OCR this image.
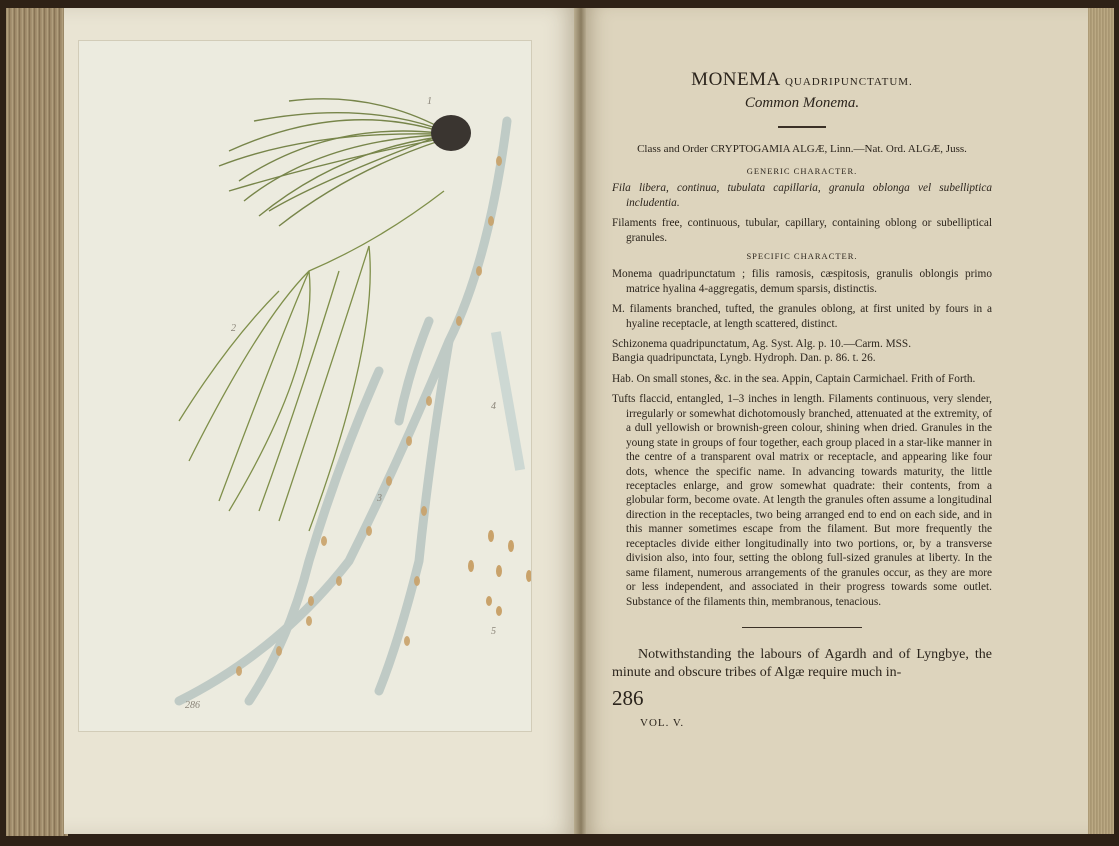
1
2
3
4
5
286
MONEMA QUADRIPUNCTATUM.
Common Monema.
Class and Order CRYPTOGAMIA ALGÆ, Linn.—Nat. Ord. ALGÆ, Juss.
GENERIC CHARACTER.

Fila libera, continua, tubulata capillaria, granula oblonga vel subelliptica includentia.

Filaments free, continuous, tubular, capillary, containing oblong or subelliptical granules.

SPECIFIC CHARACTER.

Monema quadripunctatum ; filis ramosis, cæspitosis, granulis oblongis primo matrice hyalina 4-aggregatis, demum sparsis, distinctis.

M. filaments branched, tufted, the granules oblong, at first united by fours in a hyaline receptacle, at length scattered, distinct.

Schizonema quadripunctatum, Ag. Syst. Alg. p. 10.—Carm. MSS.

Bangia quadripunctata, Lyngb. Hydroph. Dan. p. 86. t. 26.

Hab. On small stones, &c. in the sea. Appin, Captain Carmichael. Frith of Forth.

Tufts flaccid, entangled, 1–3 inches in length. Filaments continuous, very slender, irregularly or somewhat dichotomously branched, attenuated at the extremity, of a dull yellowish or brownish-green colour, shining when dried. Granules in the young state in groups of four together, each group placed in a star-like manner in the centre of a transparent oval matrix or receptacle, and appearing like four dots, whence the specific name. In advancing towards maturity, the little receptacles enlarge, and grow somewhat quadrate: their contents, from a globular form, become ovate. At length the granules often assume a longitudinal direction in the receptacles, two being arranged end to end on each side, and in this manner sometimes escape from the filament. But more frequently the receptacles divide either longitudinally into two portions, or, by a transverse division also, into four, setting the oblong full-sized granules at liberty. In the same filament, numerous arrangements of the granules occur, as they are more or less independent, and associated in their progress towards some outlet. Substance of the filaments thin, membranous, tenacious.

Notwithstanding the labours of Agardh and of Lyngbye, the minute and obscure tribes of Algæ require much in-
286
VOL. V.
